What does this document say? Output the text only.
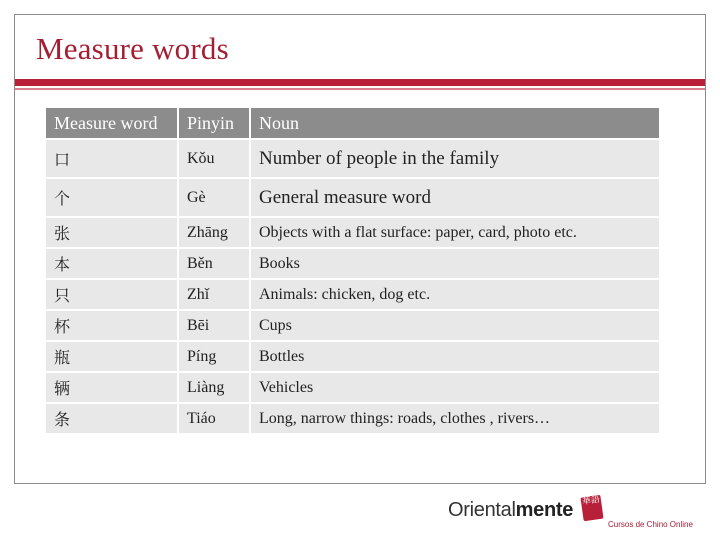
Measure words
Measure word	Pinyin	Noun
口	Kǒu	Number of people in the family
个	Gè	General measure word
张	Zhāng	Objects with a flat surface: paper, card, photo etc.
本	Běn	Books
只	Zhǐ	Animals: chicken, dog etc.
杯	Bēi	Cups
瓶	Píng	Bottles
辆	Liàng	Vehicles
条	Tiáo	Long, narrow things: roads, clothes , rivers…
Orientalmente 華語
Cursos de Chino Online
